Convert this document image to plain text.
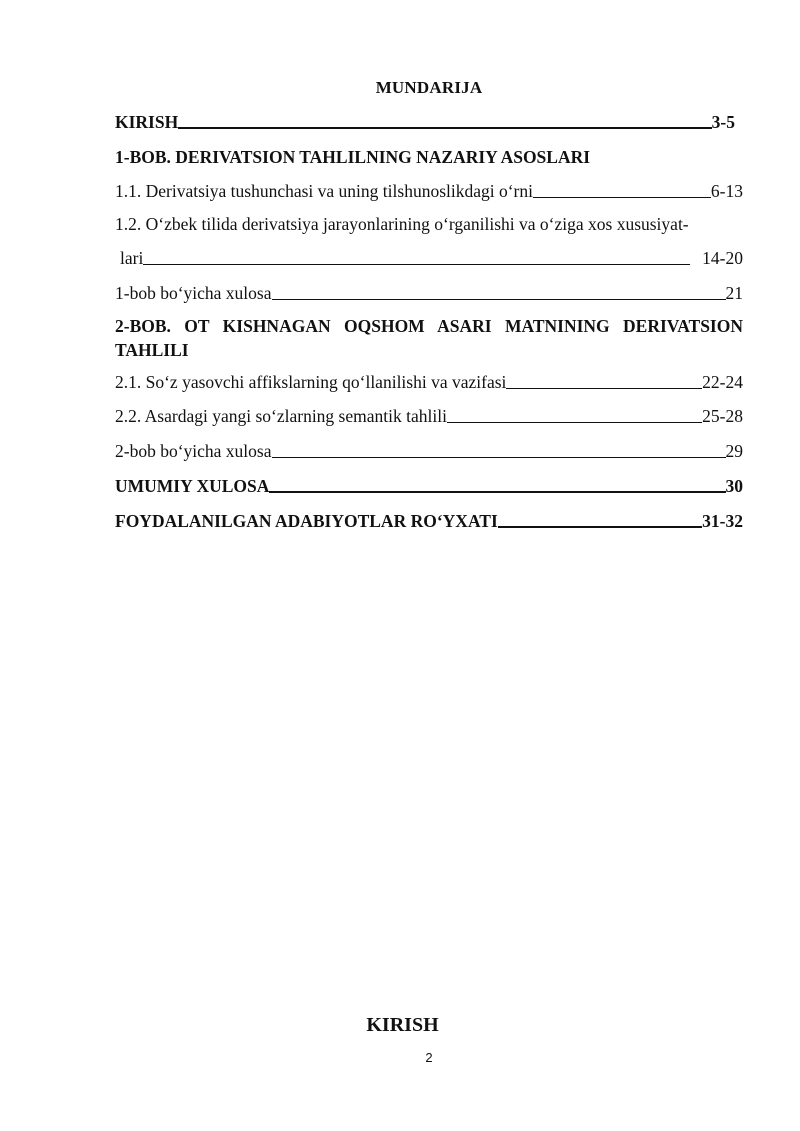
MUNDARIJA
KIRISH	3-5
1-BOB. DERIVATSION TAHLILNING NAZARIY ASOSLARI
1.1. Derivatsiya tushunchasi va uning tilshunoslikdagi o‘rni	6-13
1.2. O‘zbek tilida derivatsiya jarayonlarining o‘rganilishi va o‘ziga xos xususiyat-
lari	14-20
1-bob bo‘yicha xulosa	21
2-BOB. OT KISHNAGAN OQSHOM ASARI MATNINING DERIVATSION TAHLILI
2.1. So‘z yasovchi affikslarning qo‘llanilishi va vazifasi	22-24
2.2. Asardagi yangi so‘zlarning semantik tahlili	25-28
2-bob bo‘yicha xulosa	29
UMUMIY XULOSA	30
FOYDALANILGAN ADABIYOTLAR RO‘YXATI	31-32
KIRISH
2
